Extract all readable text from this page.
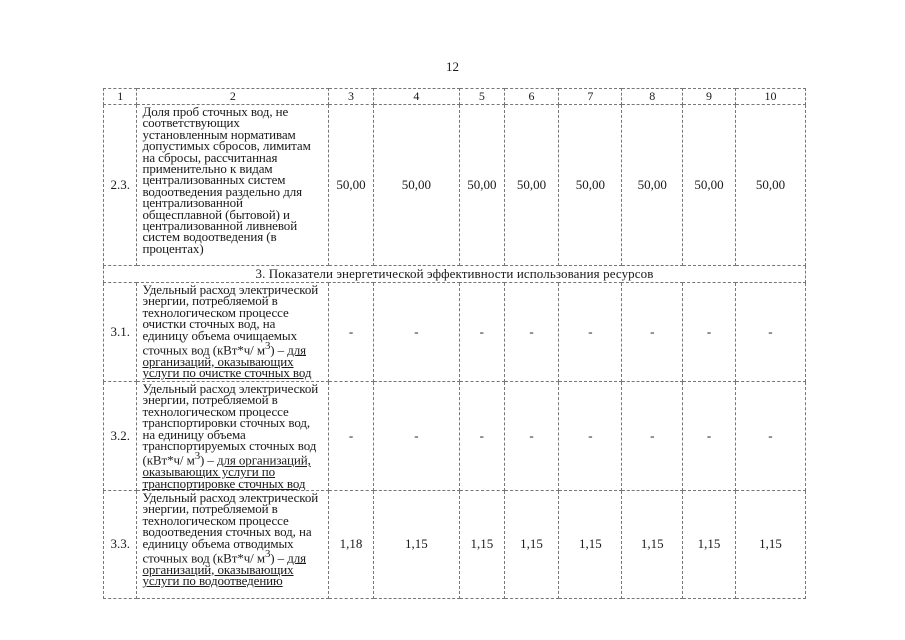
12
1	2	3	4	5	6	7	8	9	10
2.3.	Доля проб сточных вод, не соответствующих установленным нормативам допустимых сбросов, лимитам на сбросы, рассчитанная применительно к видам централизованных систем водоотведения раздельно для централизованной общесплавной (бытовой) и централизованной ливневой систем водоотведения (в процентах)	50,00	50,00	50,00	50,00	50,00	50,00	50,00	50,00
3. Показатели энергетической эффективности использования ресурсов									
3.1.	Удельный расход электрической энергии, потребляемой в технологическом процессе очистки сточных вод, на единицу объема очищаемых сточных вод (кВт*ч/ $м^3$) – для организаций, оказывающих услуги по очистке сточных вод	-	-	-	-	-	-	-	-
3.2.	Удельный расход электрической энергии, потребляемой в технологическом процессе транспортировки сточных вод, на единицу объема транспортируемых сточных вод (кВт*ч/ $м^3$) – для организаций, оказывающих услуги по транспортировке сточных вод	-	-	-	-	-	-	-	-
3.3.	Удельный расход электрической энергии, потребляемой в технологическом процессе водоотведения сточных вод, на единицу объема отводимых сточных вод (кВт*ч/ $м^3$) – для организаций, оказывающих услуги по водоотведению	1,18	1,15	1,15	1,15	1,15	1,15	1,15	1,15
